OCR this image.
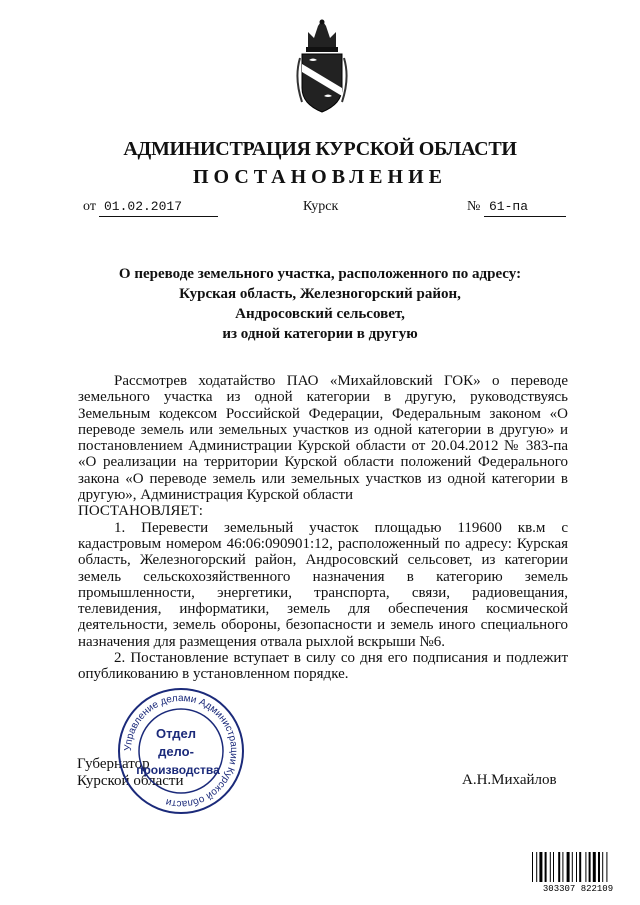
АДМИНИСТРАЦИЯ КУРСКОЙ ОБЛАСТИ
ПОСТАНОВЛЕНИЕ
от 01.02.2017	Курск	№ 61-па
О переводе земельного участка, расположенного по адресу:
Курская область, Железногорский район,
Андросовский сельсовет,
из одной категории в другую

Рассмотрев ходатайство ПАО «Михайловский ГОК» о переводе земельного участка из одной категории в другую, руководствуясь Земельным кодексом Российской Федерации, Федеральным законом «О переводе земель или земельных участков из одной категории в другую» и постановлением Администрации Курской области от 20.04.2012 № 383-па «О реализации на территории Курской области положений Федерального закона «О переводе земель или земельных участков из одной категории в другую», Администрация Курской области

ПОСТАНОВЛЯЕТ:

1. Перевести земельный участок площадью 119600 кв.м с кадастровым номером 46:06:090901:12, расположенный по адресу: Курская область, Железногорский район, Андросовский сельсовет, из категории земель сельскохозяйственного назначения в категорию земель промышленности, энергетики, транспорта, связи, радиовещания, телевидения, информатики, земель для обеспечения космической деятельности, земель обороны, безопасности и земель иного специального назначения для размещения отвала рыхлой вскрыши №6.

2. Постановление вступает в силу со дня его подписания и подлежит опубликованию в установленном порядке.

Губернатор
Курской области	А.Н.Михайлов
Управление делами Администрации Курской области
Отдел
дело-
производства
303307 822109
